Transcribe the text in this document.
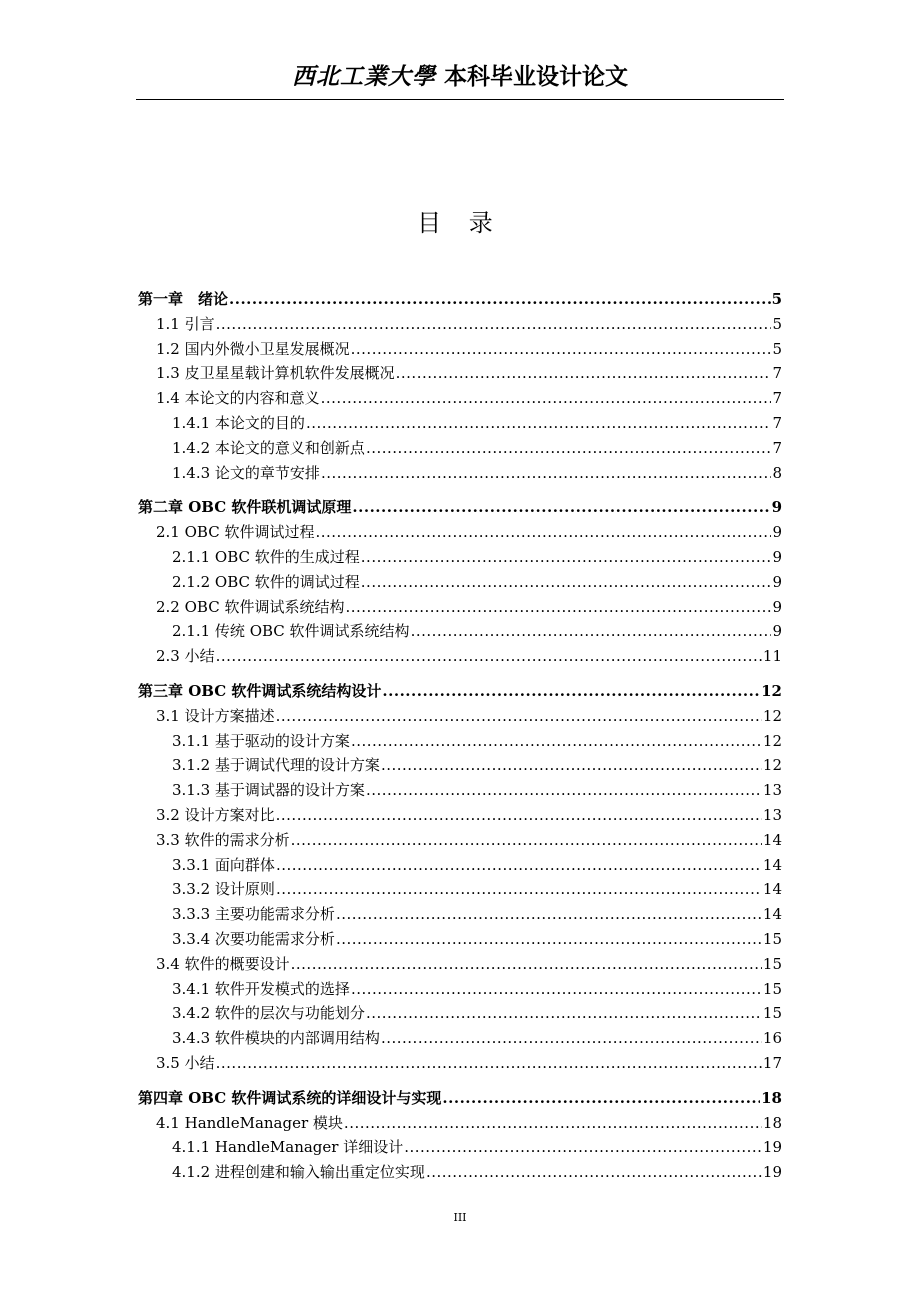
西北工業大學 本科毕业设计论文
目 录
第一章　绪论 .....	5
1.1 引言 .....	5
1.2 国内外微小卫星发展概况 .....	5
1.3 皮卫星星载计算机软件发展概况 .....	7
1.4 本论文的内容和意义 .....	7
1.4.1 本论文的目的 .....	7
1.4.2 本论文的意义和创新点 .....	7
1.4.3 论文的章节安排 .....	8
第二章 OBC 软件联机调试原理 .....	9
2.1 OBC 软件调试过程 .....	9
2.1.1 OBC 软件的生成过程 .....	9
2.1.2 OBC 软件的调试过程 .....	9
2.2 OBC 软件调试系统结构 .....	9
2.1.1 传统 OBC 软件调试系统结构 .....	9
2.3 小结 .....	11
第三章 OBC 软件调试系统结构设计 .....	12
3.1 设计方案描述 .....	12
3.1.1 基于驱动的设计方案 .....	12
3.1.2 基于调试代理的设计方案 .....	12
3.1.3 基于调试器的设计方案 .....	13
3.2 设计方案对比 .....	13
3.3 软件的需求分析 .....	14
3.3.1 面向群体 .....	14
3.3.2 设计原则 .....	14
3.3.3 主要功能需求分析 .....	14
3.3.4 次要功能需求分析 .....	15
3.4 软件的概要设计 .....	15
3.4.1 软件开发模式的选择 .....	15
3.4.2 软件的层次与功能划分 .....	15
3.4.3 软件模块的内部调用结构 .....	16
3.5 小结 .....	17
第四章 OBC 软件调试系统的详细设计与实现 .....	18
4.1 HandleManager 模块 .....	18
4.1.1 HandleManager 详细设计 .....	19
4.1.2 进程创建和输入输出重定位实现 .....	19
III
